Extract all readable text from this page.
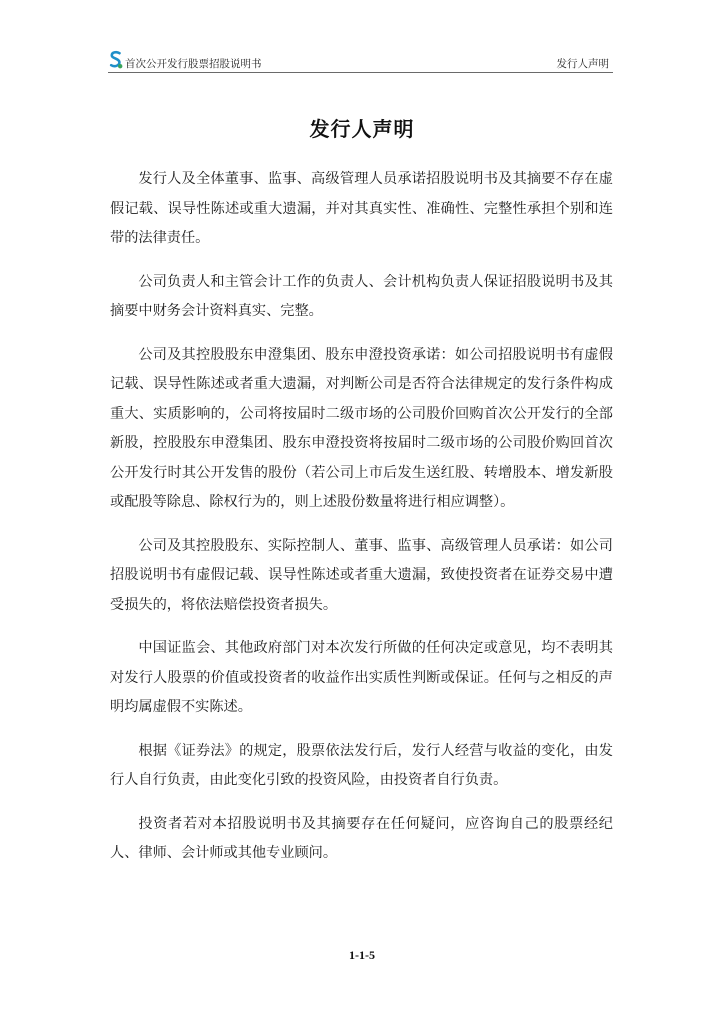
首次公开发行股票招股说明书	发行人声明
发行人声明

发行人及全体董事、监事、高级管理人员承诺招股说明书及其摘要不存在虚假记载、误导性陈述或重大遗漏，并对其真实性、准确性、完整性承担个别和连带的法律责任。

公司负责人和主管会计工作的负责人、会计机构负责人保证招股说明书及其摘要中财务会计资料真实、完整。

公司及其控股股东申澄集团、股东申澄投资承诺：如公司招股说明书有虚假记载、误导性陈述或者重大遗漏，对判断公司是否符合法律规定的发行条件构成重大、实质影响的，公司将按届时二级市场的公司股价回购首次公开发行的全部新股，控股股东申澄集团、股东申澄投资将按届时二级市场的公司股价购回首次公开发行时其公开发售的股份（若公司上市后发生送红股、转增股本、增发新股或配股等除息、除权行为的，则上述股份数量将进行相应调整）。

公司及其控股股东、实际控制人、董事、监事、高级管理人员承诺：如公司招股说明书有虚假记载、误导性陈述或者重大遗漏，致使投资者在证券交易中遭受损失的，将依法赔偿投资者损失。

中国证监会、其他政府部门对本次发行所做的任何决定或意见，均不表明其对发行人股票的价值或投资者的收益作出实质性判断或保证。任何与之相反的声明均属虚假不实陈述。

根据《证券法》的规定，股票依法发行后，发行人经营与收益的变化，由发行人自行负责，由此变化引致的投资风险，由投资者自行负责。

投资者若对本招股说明书及其摘要存在任何疑问，应咨询自己的股票经纪人、律师、会计师或其他专业顾问。

1-1-5
